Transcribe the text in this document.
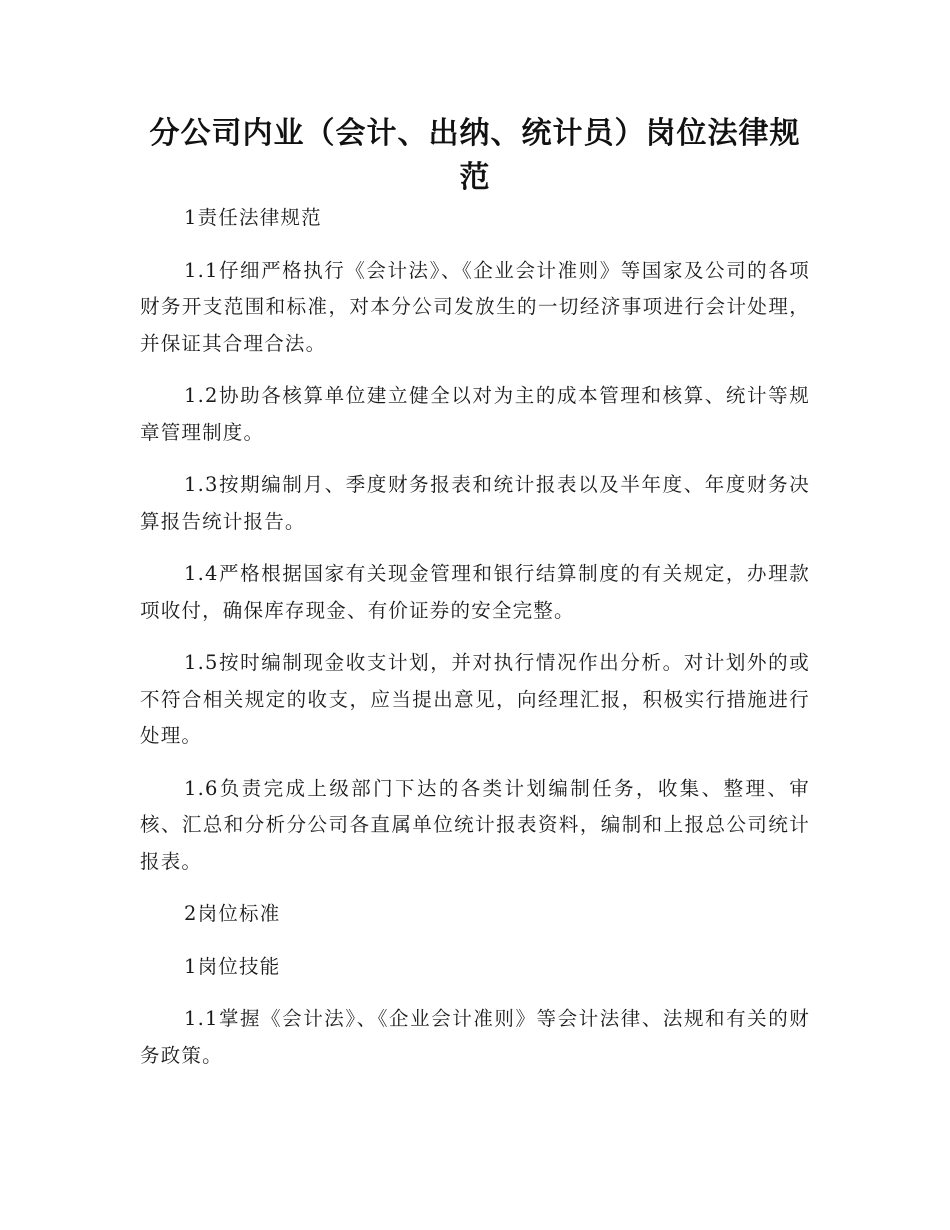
分公司内业（会计、出纳、统计员）岗位法律规范

1责任法律规范

1.1仔细严格执行《会计法》、《企业会计准则》等国家及公司的各项财务开支范围和标准，对本分公司发放生的一切经济事项进行会计处理，并保证其合理合法。

1.2协助各核算单位建立健全以对为主的成本管理和核算、统计等规章管理制度。

1.3按期编制月、季度财务报表和统计报表以及半年度、年度财务决算报告统计报告。

1.4严格根据国家有关现金管理和银行结算制度的有关规定，办理款项收付，确保库存现金、有价证券的安全完整。

1.5按时编制现金收支计划，并对执行情况作出分析。对计划外的或不符合相关规定的收支，应当提出意见，向经理汇报，积极实行措施进行处理。

1.6负责完成上级部门下达的各类计划编制任务，收集、整理、审核、汇总和分析分公司各直属单位统计报表资料，编制和上报总公司统计报表。

2岗位标准

1岗位技能

1.1掌握《会计法》、《企业会计准则》等会计法律、法规和有关的财务政策。
